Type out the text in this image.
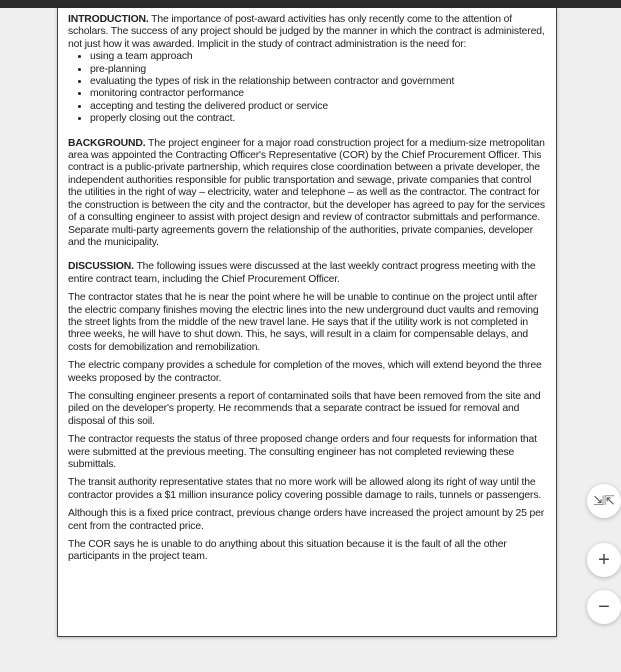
INTRODUCTION. The importance of post-award activities has only recently come to the attention of scholars. The success of any project should be judged by the manner in which the contract is administered, not just how it was awarded. Implicit in the study of contract administration is the need for:

• using a team approach
• pre-planning
• evaluating the types of risk in the relationship between contractor and government
• monitoring contractor performance
• accepting and testing the delivered product or service
• properly closing out the contract.

BACKGROUND. The project engineer for a major road construction project for a medium-size metropolitan area was appointed the Contracting Officer's Representative (COR) by the Chief Procurement Officer. This contract is a public-private partnership, which requires close coordination between a private developer, the independent authorities responsible for public transportation and sewage, private companies that control the utilities in the right of way – electricity, water and telephone – as well as the contractor. The contract for the construction is between the city and the contractor, but the developer has agreed to pay for the services of a consulting engineer to assist with project design and review of contractor submittals and performance. Separate multi-party agreements govern the relationship of the authorities, private companies, developer and the municipality.

DISCUSSION. The following issues were discussed at the last weekly contract progress meeting with the entire contract team, including the Chief Procurement Officer.

The contractor states that he is near the point where he will be unable to continue on the project until after the electric company finishes moving the electric lines into the new underground duct vaults and removing the street lights from the middle of the new travel lane. He says that if the utility work is not completed in three weeks, he will have to shut down. This, he says, will result in a claim for compensable delays, and costs for demobilization and remobilization.

The electric company provides a schedule for completion of the moves, which will extend beyond the three weeks proposed by the contractor.

The consulting engineer presents a report of contaminated soils that have been removed from the site and piled on the developer's property. He recommends that a separate contract be issued for removal and disposal of this soil.

The contractor requests the status of three proposed change orders and four requests for information that were submitted at the previous meeting. The consulting engineer has not completed reviewing these submittals.

The transit authority representative states that no more work will be allowed along its right of way until the contractor provides a $1 million insurance policy covering possible damage to rails, tunnels or passengers.

Although this is a fixed price contract, previous change orders have increased the project amount by 25 per cent from the contracted price.

The COR says he is unable to do anything about this situation because it is the fault of all the other participants in the project team.

⇲⇱
+
−
